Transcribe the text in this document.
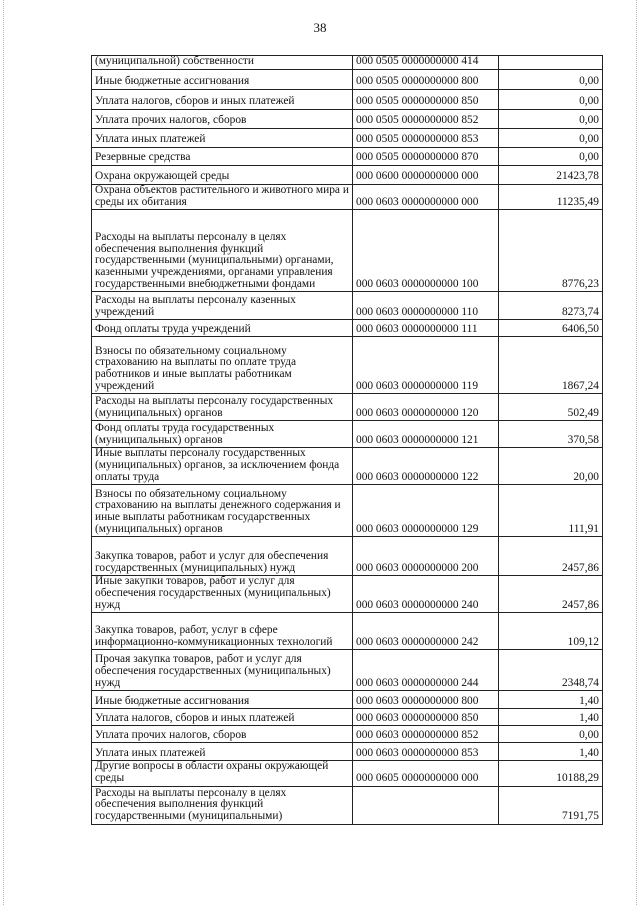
38
(муниципальной) собственности	000 0505 0000000000 414	
Иные бюджетные ассигнования	000 0505 0000000000 800	0,00
Уплата налогов, сборов и иных платежей	000 0505 0000000000 850	0,00
Уплата прочих налогов, сборов	000 0505 0000000000 852	0,00
Уплата иных платежей	000 0505 0000000000 853	0,00
Резервные средства	000 0505 0000000000 870	0,00
Охрана окружающей среды	000 0600 0000000000 000	21423,78
Охрана объектов растительного и животного мира и среды их обитания	000 0603 0000000000 000	11235,49
Расходы на выплаты персоналу в целях обеспечения выполнения функций государственными (муниципальными) органами, казенными учреждениями, органами управления государственными внебюджетными фондами	000 0603 0000000000 100	8776,23
Расходы на выплаты персоналу казенных учреждений	000 0603 0000000000 110	8273,74
Фонд оплаты труда учреждений	000 0603 0000000000 111	6406,50
Взносы по обязательному социальному страхованию на выплаты по оплате труда работников и иные выплаты работникам учреждений	000 0603 0000000000 119	1867,24
Расходы на выплаты персоналу государственных (муниципальных) органов	000 0603 0000000000 120	502,49
Фонд оплаты труда государственных (муниципальных) органов	000 0603 0000000000 121	370,58
Иные выплаты персоналу государственных (муниципальных) органов, за исключением фонда оплаты труда	000 0603 0000000000 122	20,00
Взносы по обязательному социальному страхованию на выплаты денежного содержания и иные выплаты работникам государственных (муниципальных) органов	000 0603 0000000000 129	111,91
Закупка товаров, работ и услуг для обеспечения государственных (муниципальных) нужд	000 0603 0000000000 200	2457,86
Иные закупки товаров, работ и услуг для обеспечения государственных (муниципальных) нужд	000 0603 0000000000 240	2457,86
Закупка товаров, работ, услуг в сфере информационно-коммуникационных технологий	000 0603 0000000000 242	109,12
Прочая закупка товаров, работ и услуг для обеспечения государственных (муниципальных) нужд	000 0603 0000000000 244	2348,74
Иные бюджетные ассигнования	000 0603 0000000000 800	1,40
Уплата налогов, сборов и иных платежей	000 0603 0000000000 850	1,40
Уплата прочих налогов, сборов	000 0603 0000000000 852	0,00
Уплата иных платежей	000 0603 0000000000 853	1,40
Другие вопросы в области охраны окружающей среды	000 0605 0000000000 000	10188,29
Расходы на выплаты персоналу в целях обеспечения выполнения функций государственными (муниципальными)		7191,75
